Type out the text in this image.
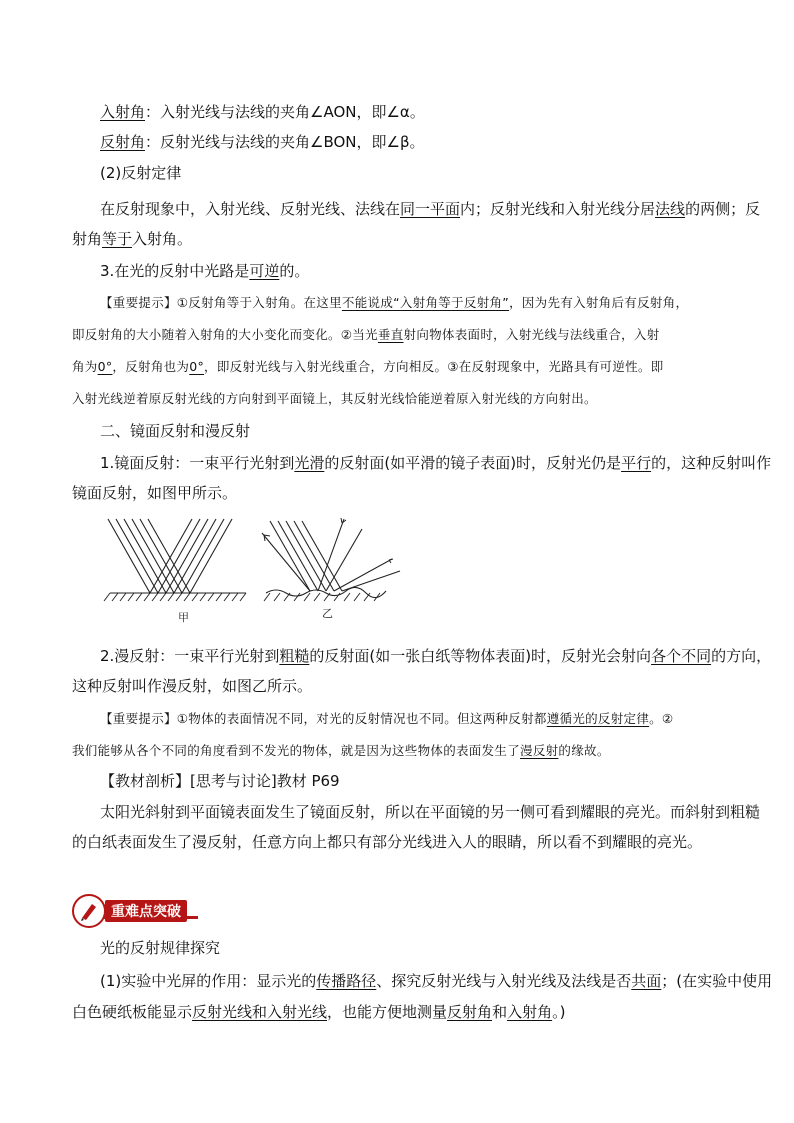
入射角：入射光线与法线的夹角∠AON，即∠α。
反射角：反射光线与法线的夹角∠BON，即∠β。
(2)反射定律
在反射现象中，入射光线、反射光线、法线在同一平面内；反射光线和入射光线分居法线的两侧；反
射角等于入射角。
3.在光的反射中光路是可逆的。
【重要提示】①反射角等于入射角。在这里不能说成“入射角等于反射角”，因为先有入射角后有反射角，
即反射角的大小随着入射角的大小变化而变化。②当光垂直射向物体表面时，入射光线与法线重合，入射
角为0°，反射角也为0°，即反射光线与入射光线重合，方向相反。③在反射现象中，光路具有可逆性。即
入射光线逆着原反射光线的方向射到平面镜上，其反射光线恰能逆着原入射光线的方向射出。
二、镜面反射和漫反射
1.镜面反射：一束平行光射到光滑的反射面(如平滑的镜子表面)时，反射光仍是平行的，这种反射叫作
镜面反射，如图甲所示。
甲	乙
2.漫反射：一束平行光射到粗糙的反射面(如一张白纸等物体表面)时，反射光会射向各个不同的方向，
这种反射叫作漫反射，如图乙所示。
【重要提示】①物体的表面情况不同，对光的反射情况也不同。但这两种反射都遵循光的反射定律。②
我们能够从各个不同的角度看到不发光的物体，就是因为这些物体的表面发生了漫反射的缘故。
【教材剖析】[思考与讨论]教材 P69
太阳光斜射到平面镜表面发生了镜面反射，所以在平面镜的另一侧可看到耀眼的亮光。而斜射到粗糙
的白纸表面发生了漫反射，任意方向上都只有部分光线进入人的眼睛，所以看不到耀眼的亮光。
重难点突破
光的反射规律探究
(1)实验中光屏的作用：显示光的传播路径、探究反射光线与入射光线及法线是否共面；(在实验中使用
白色硬纸板能显示反射光线和入射光线，也能方便地测量反射角和入射角。)
